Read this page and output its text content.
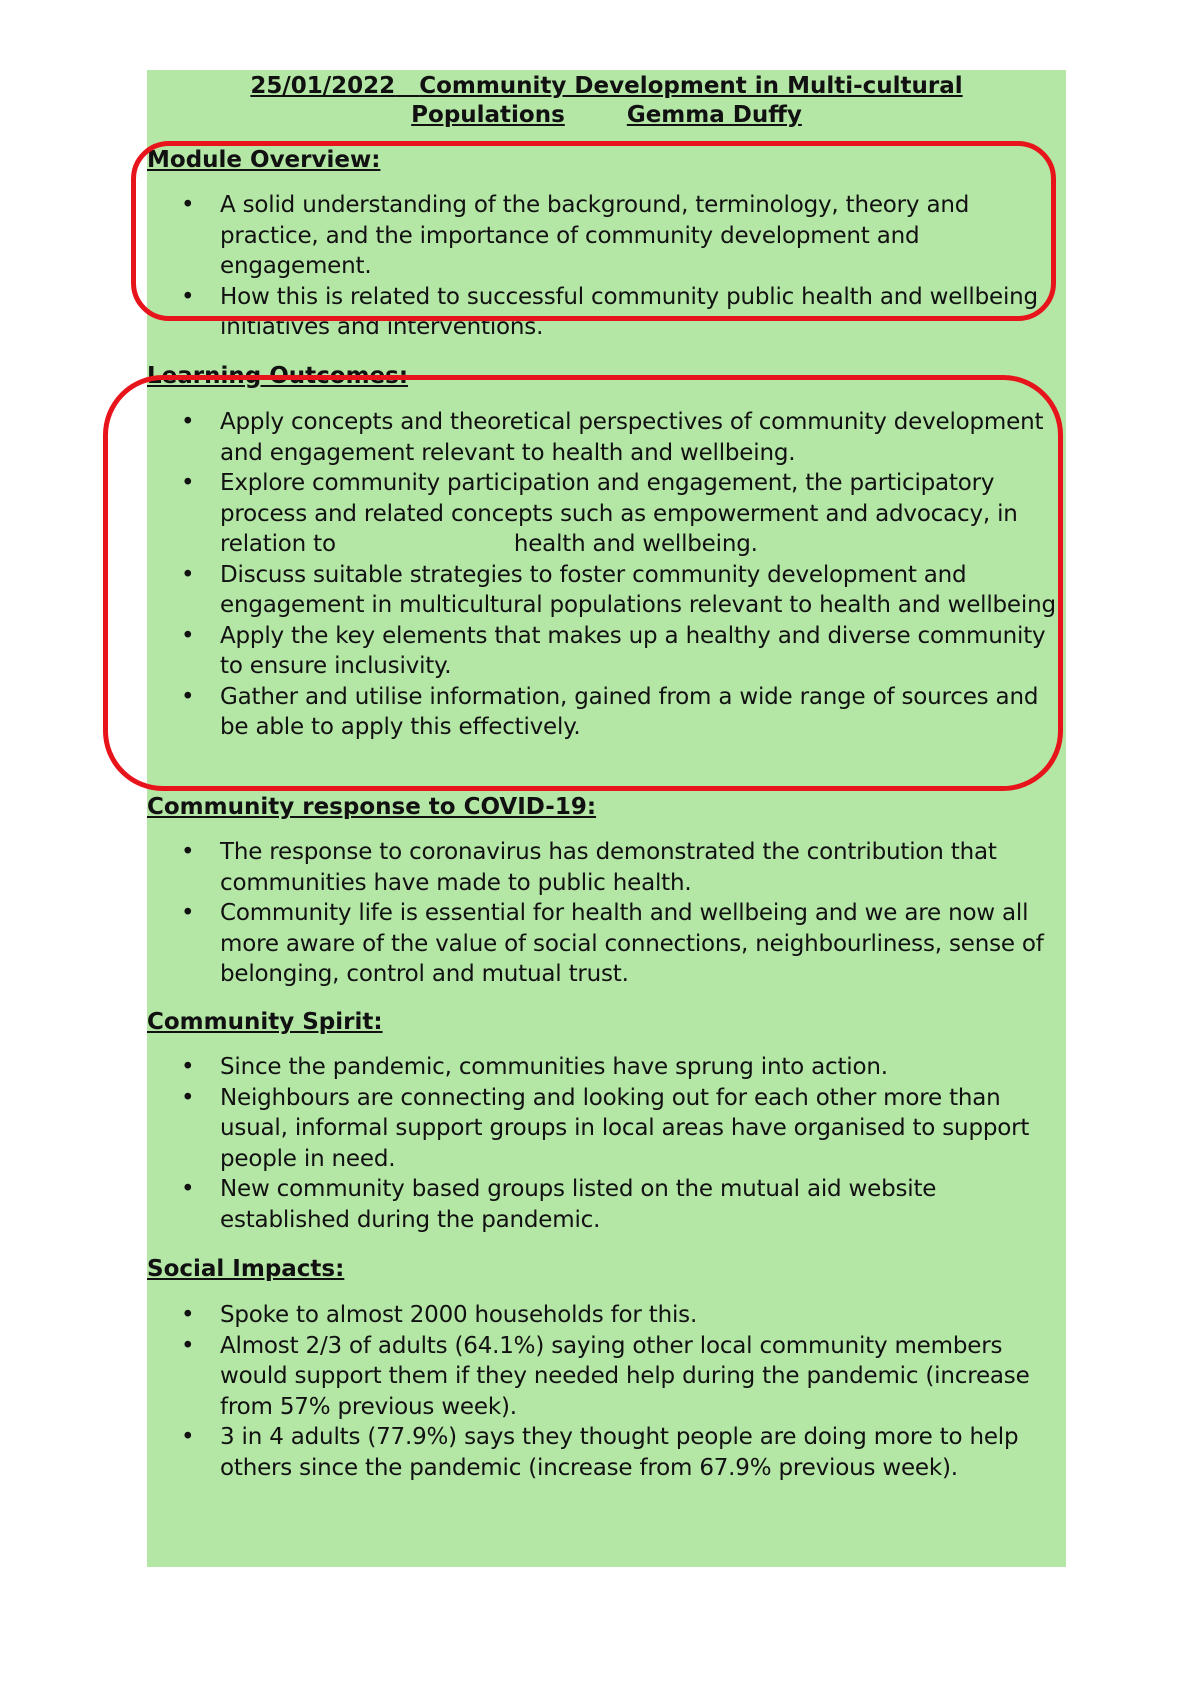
25/01/2022 Community Development in Multi-cultural
Populations	Gemma Duffy
Module Overview:
• A solid understanding of the background, terminology, theory and practice, and the importance of community development and engagement.
• How this is related to successful community public health and wellbeing initiatives and interventions.
Learning Outcomes:
• Apply concepts and theoretical perspectives of community development and engagement relevant to health and wellbeing.
• Explore community participation and engagement, the participatory process and related concepts such as empowerment and advocacy, in relation to	health and wellbeing.
• Discuss suitable strategies to foster community development and engagement in multicultural populations relevant to health and wellbeing.
• Apply the key elements that makes up a healthy and diverse community to ensure inclusivity.
• Gather and utilise information, gained from a wide range of sources and be able to apply this effectively.
Community response to COVID-19:
• The response to coronavirus has demonstrated the contribution that communities have made to public health.
• Community life is essential for health and wellbeing and we are now all more aware of the value of social connections, neighbourliness, sense of belonging, control and mutual trust.
Community Spirit:
• Since the pandemic, communities have sprung into action.
• Neighbours are connecting and looking out for each other more than usual, informal support groups in local areas have organised to support people in need.
• New community based groups listed on the mutual aid website established during the pandemic.
Social Impacts:
• Spoke to almost 2000 households for this.
• Almost 2/3 of adults (64.1%) saying other local community members would support them if they needed help during the pandemic (increase from 57% previous week).
• 3 in 4 adults (77.9%) says they thought people are doing more to help others since the pandemic (increase from 67.9% previous week).
